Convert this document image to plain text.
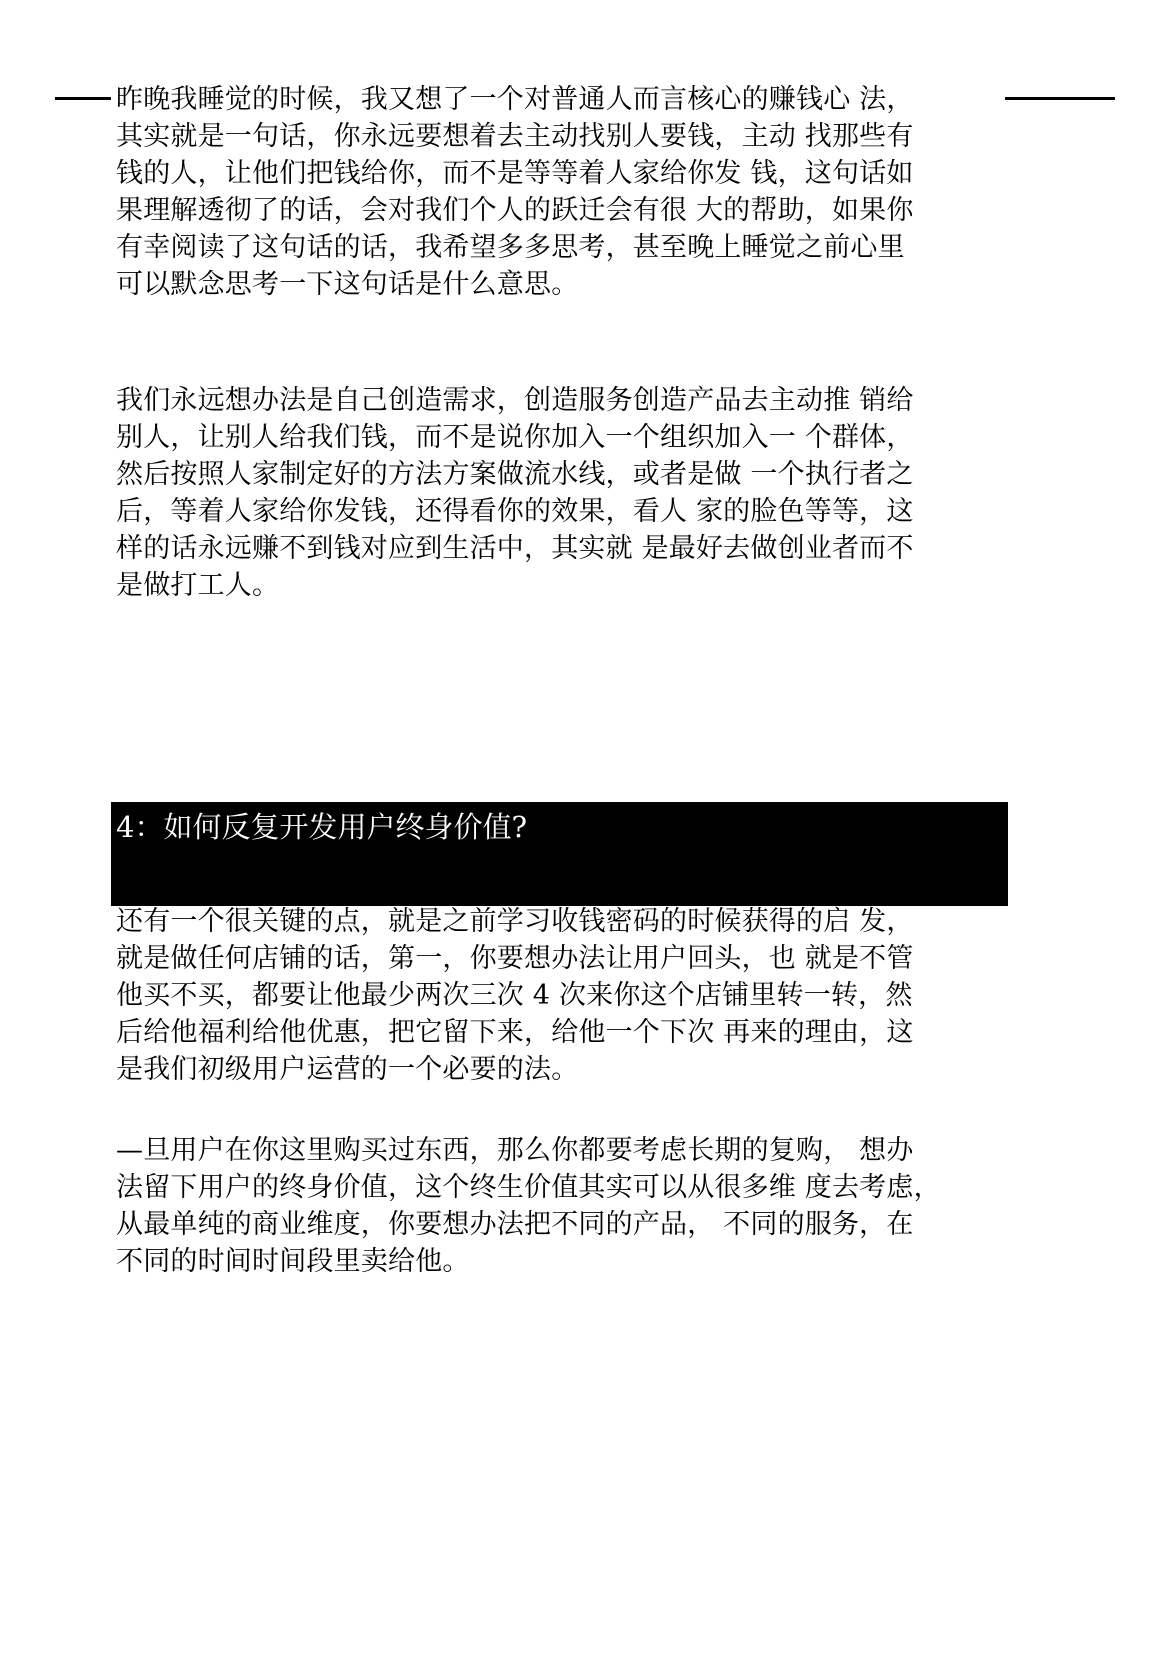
昨晚我睡觉的时候，我又想了一个对普通人而言核心的赚钱心 法，
其实就是一句话，你永远要想着去主动找别人要钱，主动 找那些有
钱的人，让他们把钱给你，而不是等等着人家给你发 钱，这句话如
果理解透彻了的话，会对我们个人的跃迁会有很 大的帮助，如果你
有幸阅读了这句话的话，我希望多多思考，甚至晚上睡觉之前心里
可以默念思考一下这句话是什么意思。

我们永远想办法是自己创造需求，创造服务创造产品去主动推 销给
别人，让别人给我们钱，而不是说你加入一个组织加入一 个群体，
然后按照人家制定好的方法方案做流水线，或者是做 一个执行者之
后，等着人家给你发钱，还得看你的效果，看人 家的脸色等等，这
样的话永远赚不到钱对应到生活中，其实就 是最好去做创业者而不
是做打工人。

4：如何反复开发用户终身价值?

还有一个很关键的点，就是之前学习收钱密码的时候获得的启 发，
就是做任何店铺的话，第一，你要想办法让用户回头，也 就是不管
他买不买，都要让他最少两次三次 4 次来你这个店铺里转一转，然
后给他福利给他优惠，把它留下来，给他一个下次 再来的理由，这
是我们初级用户运营的一个必要的法。

—旦用户在你这里购买过东西，那么你都要考虑长期的复购， 想办
法留下用户的终身价值，这个终生价值其实可以从很多维 度去考虑，
从最单纯的商业维度，你要想办法把不同的产品， 不同的服务，在
不同的时间时间段里卖给他。
